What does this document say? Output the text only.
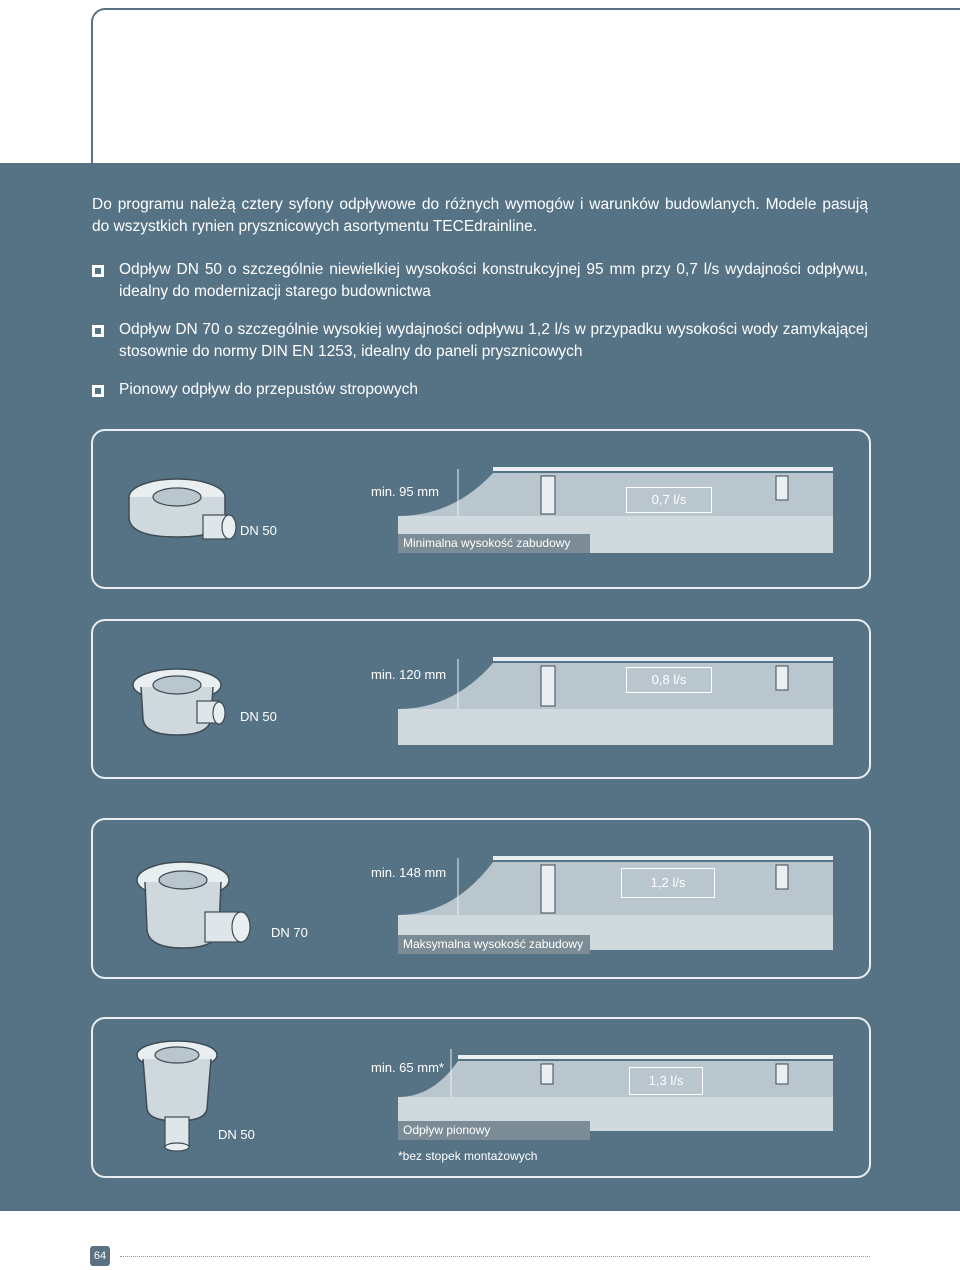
Do programu należą cztery syfony odpływowe do różnych wymogów i warunków budowlanych. Modele pasują do wszystkich rynien prysznicowych asortymentu TECEdrainline.

Odpływ DN 50 o szczególnie niewielkiej wysokości konstrukcyjnej 95 mm przy 0,7 l/s wydajności odpływu, idealny do modernizacji starego budownictwa
Odpływ DN 70 o szczególnie wysokiej wydajności odpływu 1,2 l/s w przypadku wysokości wody zamykającej stosownie do normy DIN EN 1253, idealny do paneli prysznicowych
Pionowy odpływ do przepustów stropowych
min. 95 mm
0,7 l/s
DN 50
Minimalna wysokość zabudowy
min. 120 mm	0,8 l/s
DN 50
min. 148 mm
1,2 l/s
DN 70
Maksymalna wysokość zabudowy
min. 65 mm*
1,3 l/s
DN 50	Odpływ pionowy
*bez stopek montażowych
64
